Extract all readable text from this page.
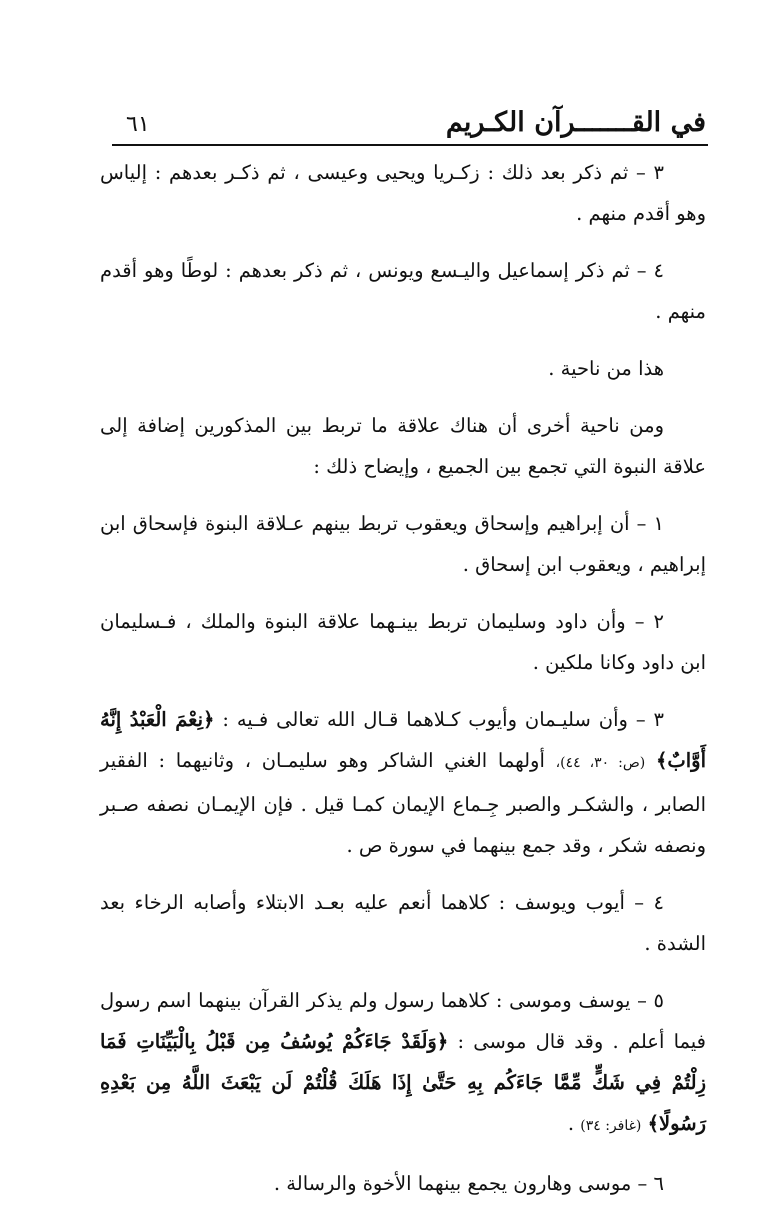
في القـــــــرآن الكـريم
٦١

٣ – ثم ذكر بعد ذلك : زكـريا ويحيى وعيسى ، ثم ذكـر بعدهم : إلياس وهو أقدم منهم .

٤ – ثم ذكر إسماعيل واليـسع ويونس ، ثم ذكر بعدهم : لوطًا وهو أقدم منهم .

هذا من ناحية .

ومن ناحية أخرى أن هناك علاقة ما تربط بين المذكورين إضافة إلى علاقة النبوة التي تجمع بين الجميع ، وإيضاح ذلك :

١ – أن إبراهيم وإسحاق ويعقوب تربط بينهم عـلاقة البنوة فإسحاق ابن إبراهيم ، ويعقوب ابن إسحاق .

٢ – وأن داود وسليمان تربط بينـهما علاقة البنوة والملك ، فـسليمان ابن داود وكانا ملكين .

٣ – وأن سليـمان وأيوب كـلاهما قـال الله تعالى فـيه : ﴿نِعْمَ الْعَبْدُ إِنَّهُ أَوَّابٌ﴾ (ص: ٣٠، ٤٤)، أولهما الغني الشاكر وهو سليمـان ، وثانيهما : الفقير الصابر ، والشكـر والصبر جِـماع الإيمان كمـا قيل . فإن الإيمـان نصفه صـبر ونصفه شكر ، وقد جمع بينهما في سورة ص .

٤ – أيوب ويوسف : كلاهما أنعم عليه بعـد الابتلاء وأصابه الرخاء بعد الشدة .

٥ – يوسف وموسى : كلاهما رسول ولم يذكر القرآن بينهما اسم رسول فيما أعلم . وقد قال موسى : ﴿وَلَقَدْ جَاءَكُمْ يُوسُفُ مِن قَبْلُ بِالْبَيِّنَاتِ فَمَا زِلْتُمْ فِي شَكٍّ مِّمَّا جَاءَكُم بِهِ حَتَّىٰ إِذَا هَلَكَ قُلْتُمْ لَن يَبْعَثَ اللَّهُ مِن بَعْدِهِ رَسُولًا﴾ (غافر: ٣٤) .

٦ – موسى وهارون يجمع بينهما الأخوة والرسالة .
